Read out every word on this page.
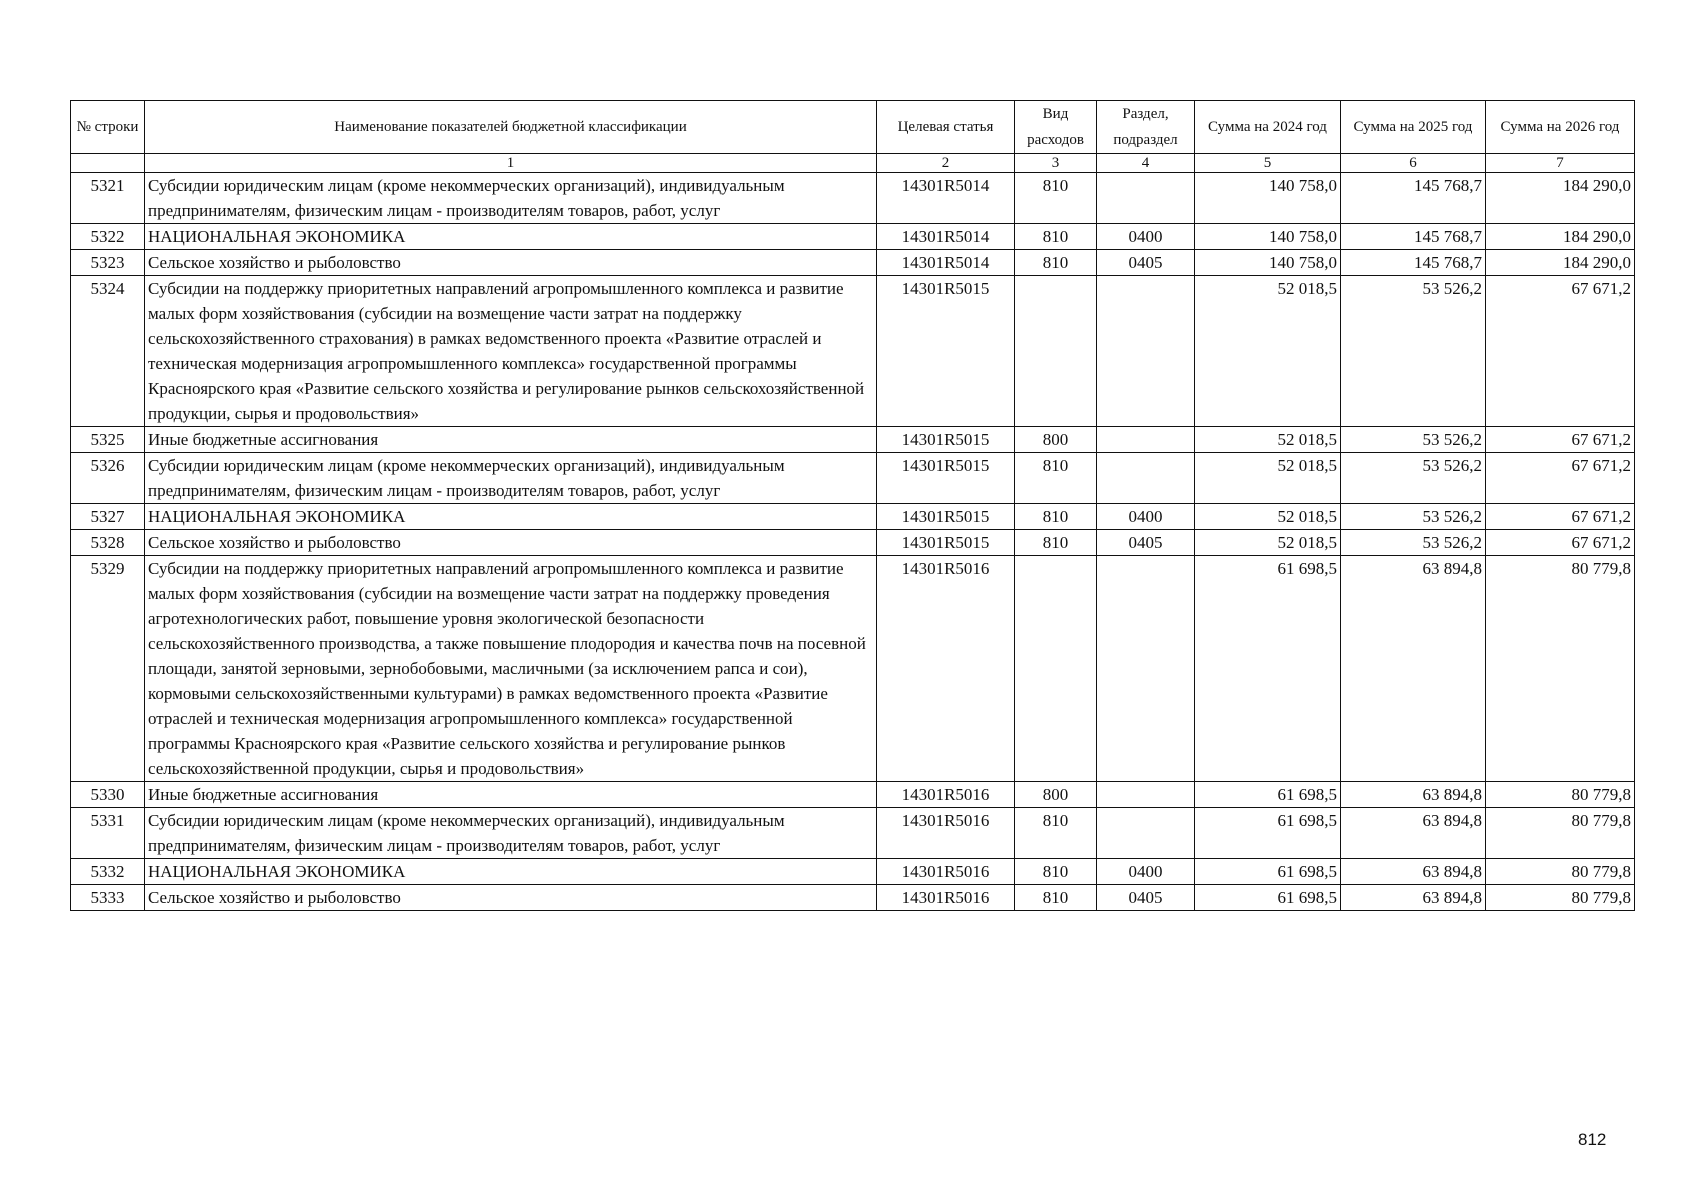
№ строки	Наименование показателей бюджетной классификации	Целевая статья	Вид расходов	Раздел, подраздел	Сумма на 2024 год	Сумма на 2025 год	Сумма на 2026 год
	1	2	3	4	5	6	7
5321	Субсидии юридическим лицам (кроме некоммерческих организаций), индивидуальным предпринимателям, физическим лицам - производителям товаров, работ, услуг	14301R5014	810		140 758,0	145 768,7	184 290,0
5322	НАЦИОНАЛЬНАЯ ЭКОНОМИКА	14301R5014	810	0400	140 758,0	145 768,7	184 290,0
5323	Сельское хозяйство и рыболовство	14301R5014	810	0405	140 758,0	145 768,7	184 290,0
5324	Субсидии на поддержку приоритетных направлений агропромышленного комплекса и развитие малых форм хозяйствования (субсидии на возмещение части затрат на поддержку сельскохозяйственного страхования) в рамках ведомственного проекта «Развитие отраслей и техническая модернизация агропромышленного комплекса» государственной программы Красноярского края «Развитие сельского хозяйства и регулирование рынков сельскохозяйственной продукции, сырья и продовольствия»	14301R5015			52 018,5	53 526,2	67 671,2
5325	Иные бюджетные ассигнования	14301R5015	800		52 018,5	53 526,2	67 671,2
5326	Субсидии юридическим лицам (кроме некоммерческих организаций), индивидуальным предпринимателям, физическим лицам - производителям товаров, работ, услуг	14301R5015	810		52 018,5	53 526,2	67 671,2
5327	НАЦИОНАЛЬНАЯ ЭКОНОМИКА	14301R5015	810	0400	52 018,5	53 526,2	67 671,2
5328	Сельское хозяйство и рыболовство	14301R5015	810	0405	52 018,5	53 526,2	67 671,2
5329	Субсидии на поддержку приоритетных направлений агропромышленного комплекса и развитие малых форм хозяйствования (субсидии на возмещение части затрат на поддержку проведения агротехнологических работ, повышение уровня экологической безопасности сельскохозяйственного производства, а также повышение плодородия и качества почв на посевной площади, занятой зерновыми, зернобобовыми, масличными (за исключением рапса и сои), кормовыми сельскохозяйственными культурами) в рамках ведомственного проекта «Развитие отраслей и техническая модернизация агропромышленного комплекса» государственной программы Красноярского края «Развитие сельского хозяйства и регулирование рынков сельскохозяйственной продукции, сырья и продовольствия»	14301R5016			61 698,5	63 894,8	80 779,8
5330	Иные бюджетные ассигнования	14301R5016	800		61 698,5	63 894,8	80 779,8
5331	Субсидии юридическим лицам (кроме некоммерческих организаций), индивидуальным предпринимателям, физическим лицам - производителям товаров, работ, услуг	14301R5016	810		61 698,5	63 894,8	80 779,8
5332	НАЦИОНАЛЬНАЯ ЭКОНОМИКА	14301R5016	810	0400	61 698,5	63 894,8	80 779,8
5333	Сельское хозяйство и рыболовство	14301R5016	810	0405	61 698,5	63 894,8	80 779,8
812
